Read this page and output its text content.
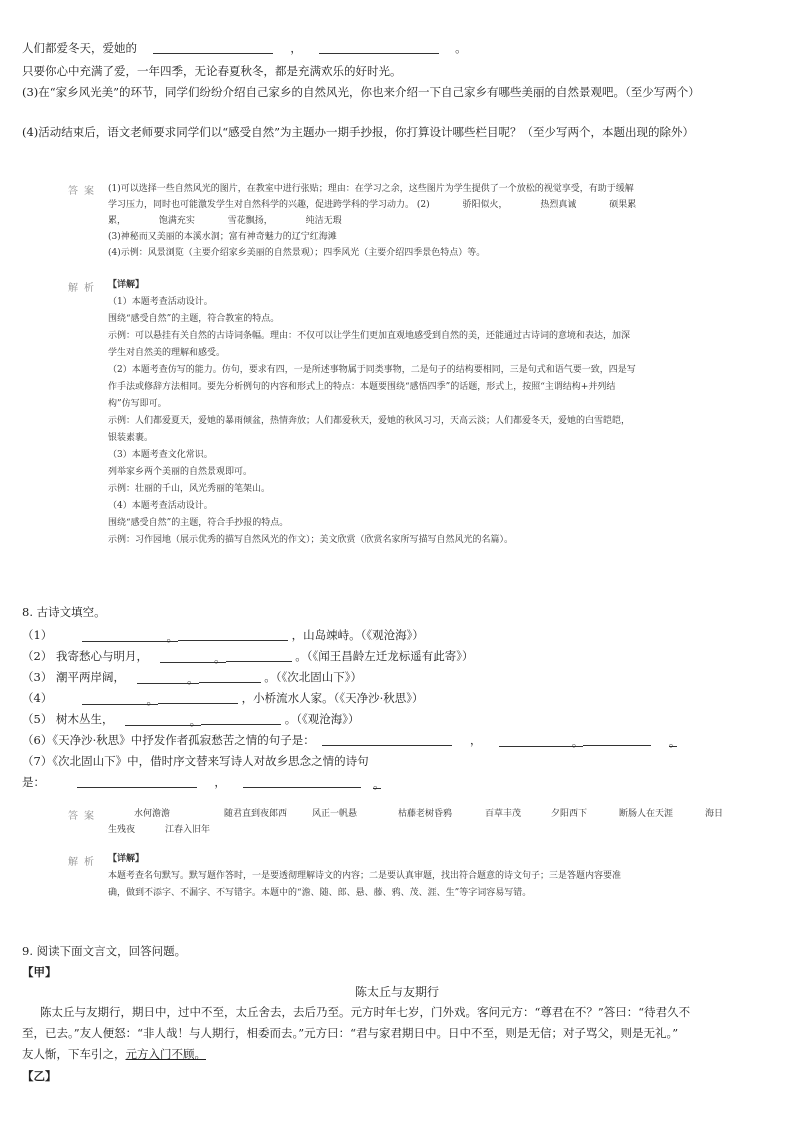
人们都爱冬天，爱她的	，	。
只要你心中充满了爱，一年四季，无论春夏秋冬，都是充满欢乐的好时光。
(3)在“家乡风光美”的环节，同学们纷纷介绍自己家乡的自然风光，你也来介绍一下自己家乡有哪些美丽的自然景观吧。（至少写两个）
(4)活动结束后，语文老师要求同学们以“感受自然”为主题办一期手抄报，你打算设计哪些栏目呢？（至少写两个，本题出现的除外）
答案 (1)可以选择一些自然风光的图片，在教室中进行张贴；理由：在学习之余，这些图片为学生提供了一个放松的视觉享受，有助于缓解
学习压力，同时也可能激发学生对自然科学的兴趣，促进跨学科的学习动力。 (2)	骄阳似火，	热烈真诚	硕果累
累，	饱满充实	雪花飘扬，	纯洁无瑕
(3)神秘而又美丽的本溪水洞；富有神奇魅力的辽宁红海滩
(4)示例：风景浏览（主要介绍家乡美丽的自然景观）；四季风光（主要介绍四季景色特点）等。
解析 【详解】
（1）本题考查活动设计。
围绕“感受自然”的主题，符合教室的特点。
示例：可以悬挂有关自然的古诗词条幅。理由：不仅可以让学生们更加直观地感受到自然的美，还能通过古诗词的意境和表达，加深
学生对自然美的理解和感受。
（2）本题考查仿写的能力。仿句，要求有四，一是所述事物属于同类事物，二是句子的结构要相同，三是句式和语气要一致，四是写
作手法或修辞方法相同。要先分析例句的内容和形式上的特点：本题要围绕“感悟四季”的话题，形式上，按照“主谓结构+并列结
构”仿写即可。
示例：人们都爱夏天，爱她的暴雨倾盆，热情奔放；人们都爱秋天，爱她的秋风习习，天高云淡；人们都爱冬天，爱她的白雪皑皑，
银装素裹。
（3）本题考查文化常识。
列举家乡两个美丽的自然景观即可。
示例：壮丽的千山，风光秀丽的笔架山。
（4）本题考查活动设计。
围绕“感受自然”的主题，符合手抄报的特点。
示例：习作园地（展示优秀的描写自然风光的作文）；美文欣赏（欣赏名家所写描写自然风光的名篇）。
8. 古诗文填空。
（1）	。	，山岛竦峙。（《观沧海》）
（2） 我寄愁心与明月，	。	。（《闻王昌龄左迁龙标遥有此寄》）
（3） 潮平两岸阔，	。	。（《次北固山下》）
（4）	。	，小桥流水人家。（《天净沙·秋思》）
（5） 树木丛生，	。	。（《观沧海》）
（6）《天净沙·秋思》中抒发作者孤寂愁苦之情的句子是：	，	。	。
（7）《次北固山下》中，借时序文替来写诗人对故乡思念之情的诗句
是：	，	。
答案	水何澹澹	随君直到夜郎西	风正一帆悬	枯藤老树昏鸦	百草丰茂	夕阳西下	断肠人在天涯	海日
生残夜	江春入旧年
解析 【详解】
本题考查名句默写。默写题作答时，一是要透彻理解诗文的内容；二是要认真审题，找出符合题意的诗文句子；三是答题内容要准
确，做到不添字、不漏字、不写错字。本题中的“澹、随、郎、悬、藤、鸦、茂、涯、生”等字词容易写错。
9. 阅读下面文言文，回答问题。
【甲】
陈太丘与友期行
陈太丘与友期行，期日中，过中不至，太丘舍去，去后乃至。元方时年七岁，门外戏。客问元方：“尊君在不？”答曰：“待君久不
至，已去。”友人便怒：“非人哉！与人期行，相委而去。”元方曰：“君与家君期日中。日中不至，则是无信；对子骂父，则是无礼。”
友人惭，下车引之，元方入门不顾。
【乙】
